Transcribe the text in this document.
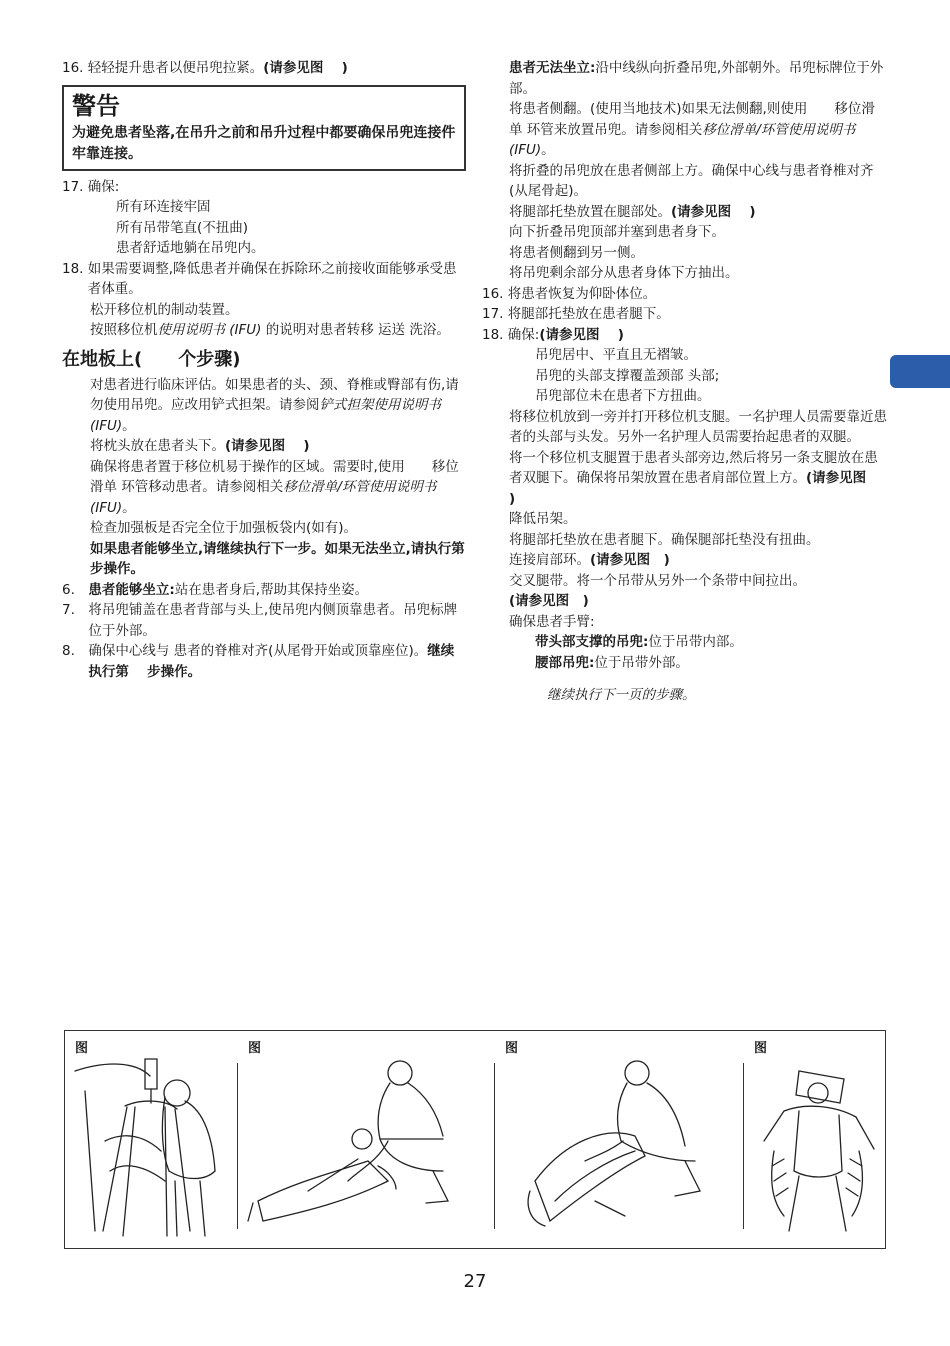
16. 轻轻提升患者以便吊兜拉紧。(请参见图　 )

警告
为避免患者坠落,在吊升之前和吊升过程中都要确保吊兜连接件牢靠连接。

17. 确保:

所有环连接牢固

所有吊带笔直(不扭曲)

患者舒适地躺在吊兜内。

18. 如果需要调整,降低患者并确保在拆除环之前接收面能够承受患者体重。

松开移位机的制动装置。

按照移位机使用说明书 (IFU) 的说明对患者转移 运送 洗浴。

在地板上(　　个步骤)

对患者进行临床评估。如果患者的头、颈、脊椎或臀部有伤,请勿使用吊兜。应改用铲式担架。请参阅铲式担架使用说明书 (IFU)。

将枕头放在患者头下。(请参见图　 )

确保将患者置于移位机易于操作的区域。需要时,使用　　移位滑单 环管移动患者。请参阅相关移位滑单/环管使用说明书 (IFU)。

检查加强板是否完全位于加强板袋内(如有)。

如果患者能够坐立,请继续执行下一步。如果无法坐立,请执行第　 步操作。

6.　 患者能够坐立:站在患者身后,帮助其保持坐姿。

7.　 将吊兜铺盖在患者背部与头上,使吊兜内侧顶靠患者。吊兜标牌位于外部。

8.　 确保中心线与 患者的脊椎对齐(从尾骨开始或顶靠座位)。继续执行第　 步操作。

患者无法坐立:沿中线纵向折叠吊兜,外部朝外。吊兜标牌位于外部。

将患者侧翻。(使用当地技术)如果无法侧翻,则使用　　移位滑单 环管来放置吊兜。请参阅相关移位滑单/环管使用说明书 (IFU)。

将折叠的吊兜放在患者侧部上方。确保中心线与患者脊椎对齐(从尾骨起)。

将腿部托垫放置在腿部处。(请参见图　 )

向下折叠吊兜顶部并塞到患者身下。

将患者侧翻到另一侧。

将吊兜剩余部分从患者身体下方抽出。

16. 将患者恢复为仰卧体位。

17. 将腿部托垫放在患者腿下。

18. 确保:(请参见图　 )

吊兜居中、平直且无褶皱。

吊兜的头部支撑覆盖颈部 头部;

吊兜部位未在患者下方扭曲。

将移位机放到一旁并打开移位机支腿。一名护理人员需要靠近患者的头部与头发。另外一名护理人员需要抬起患者的双腿。

将一个移位机支腿置于患者头部旁边,然后将另一条支腿放在患者双腿下。确保将吊架放置在患者肩部位置上方。(请参见图　 )

降低吊架。

将腿部托垫放在患者腿下。确保腿部托垫没有扭曲。

连接肩部环。(请参见图　)

交叉腿带。将一个吊带从另外一个条带中间拉出。

(请参见图　)

确保患者手臂:

带头部支撑的吊兜:位于吊带内部。

腰部吊兜:位于吊带外部。

继续执行下一页的步骤。

图	图	图	图
27
